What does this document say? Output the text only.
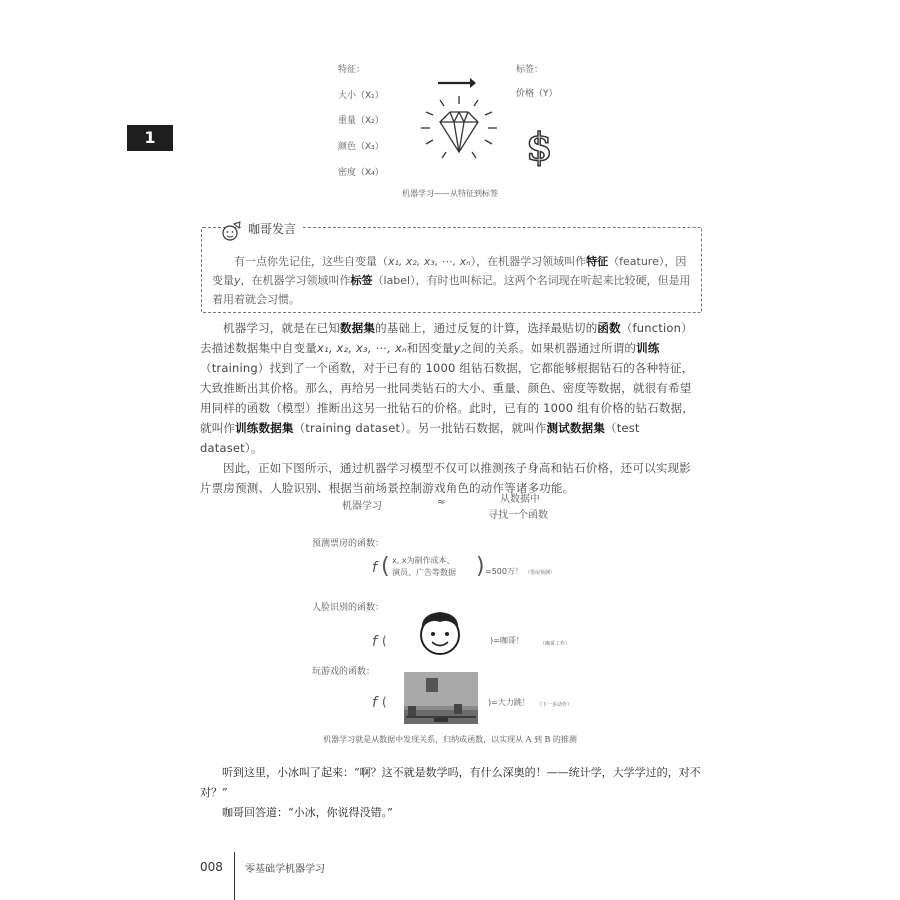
1
特征：
大小（X₁）
重量（X₂）
颜色（X₃）
密度（X₄）
标签：
价格（Y）
$
机器学习——从特征到标签
咖哥发言

有一点你先记住，这些自变量（x₁, x₂, x₃, ⋯, xₙ），在机器学习领域叫作特征（feature），因变量y，在机器学习领域叫作标签（label），有时也叫标记。这两个名词现在听起来比较硬，但是用着用着就会习惯。

机器学习，就是在已知数据集的基础上，通过反复的计算，选择最贴切的函数（function）去描述数据集中自变量x₁, x₂, x₃, ⋯, xₙ和因变量y之间的关系。如果机器通过所谓的训练（training）找到了一个函数，对于已有的 1000 组钻石数据，它都能够根据钻石的各种特征，大致推断出其价格。那么，再给另一批同类钻石的大小、重量、颜色、密度等数据，就很有希望用同样的函数（模型）推断出这另一批钻石的价格。此时，已有的 1000 组有价格的钻石数据，就叫作训练数据集（training dataset）。另一批钻石数据，就叫作测试数据集（test dataset）。

因此，正如下图所示，通过机器学习模型不仅可以推测孩子身高和钻石价格，还可以实现影片票房预测、人脸识别、根据当前场景控制游戏角色的动作等诸多功能。

机器学习	≈	从数据中
寻找一个函数
预测票房的函数：
f ( x, x为制作成本、
演员、广告等数据 ) =500万！ （票房预测）
人脸识别的函数：
f (	)=咖哥！	（咖哥工作）
玩游戏的函数：
f (	)=大力跳！ （下一步动作）
机器学习就是从数据中发现关系，归纳成函数，以实现从 A 到 B 的推测

听到这里，小冰叫了起来：“啊？这不就是数学吗，有什么深奥的！——统计学，大学学过的，对不对？”

咖哥回答道：“小冰，你说得没错。”

008 零基础学机器学习
